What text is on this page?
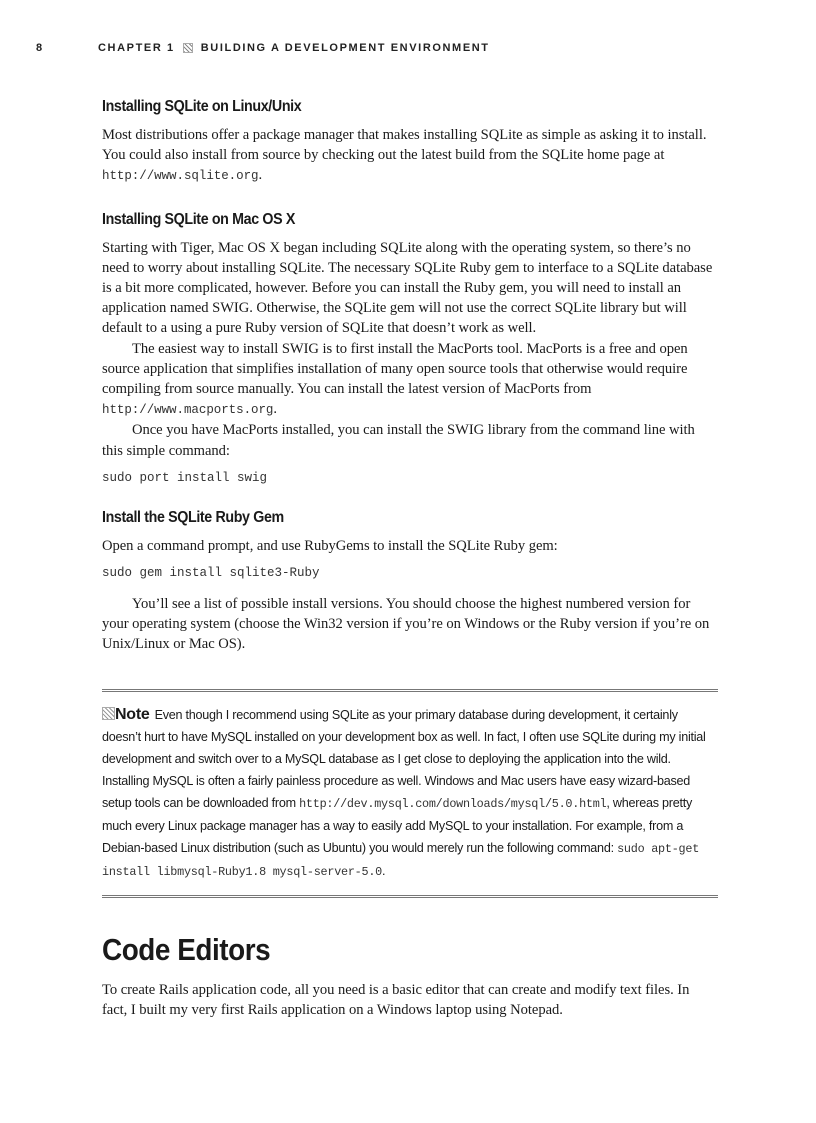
8	CHAPTER 1 BUILDING A DEVELOPMENT ENVIRONMENT
Installing SQLite on Linux/Unix

Most distributions offer a package manager that makes installing SQLite as simple as asking it to install. You could also install from source by checking out the latest build from the SQLite home page at http://www.sqlite.org.

Installing SQLite on Mac OS X

Starting with Tiger, Mac OS X began including SQLite along with the operating system, so there’s no need to worry about installing SQLite. The necessary SQLite Ruby gem to interface to a SQLite database is a bit more complicated, however. Before you can install the Ruby gem, you will need to install an application named SWIG. Otherwise, the SQLite gem will not use the correct SQLite library but will default to a using a pure Ruby version of SQLite that doesn’t work as well.

The easiest way to install SWIG is to first install the MacPorts tool. MacPorts is a free and open source application that simplifies installation of many open source tools that otherwise would require compiling from source manually. You can install the latest version of MacPorts from http://www.macports.org.

Once you have MacPorts installed, you can install the SWIG library from the command line with this simple command:

sudo port install swig
Install the SQLite Ruby Gem

Open a command prompt, and use RubyGems to install the SQLite Ruby gem:

sudo gem install sqlite3-Ruby

You’ll see a list of possible install versions. You should choose the highest numbered version for your operating system (choose the Win32 version if you’re on Windows or the Ruby version if you’re on Unix/Linux or Mac OS).

Note Even though I recommend using SQLite as your primary database during development, it certainly doesn’t hurt to have MySQL installed on your development box as well. In fact, I often use SQLite during my initial development and switch over to a MySQL database as I get close to deploying the application into the wild. Installing MySQL is often a fairly painless procedure as well. Windows and Mac users have easy wizard-based setup tools can be downloaded from http://dev.mysql.com/downloads/mysql/5.0.html, whereas pretty much every Linux package manager has a way to easily add MySQL to your installation. For example, from a Debian-based Linux distribution (such as Ubuntu) you would merely run the following command: sudo apt-get install libmysql-Ruby1.8 mysql-server-5.0.
Code Editors

To create Rails application code, all you need is a basic editor that can create and modify text files. In fact, I built my very first Rails application on a Windows laptop using Notepad.
